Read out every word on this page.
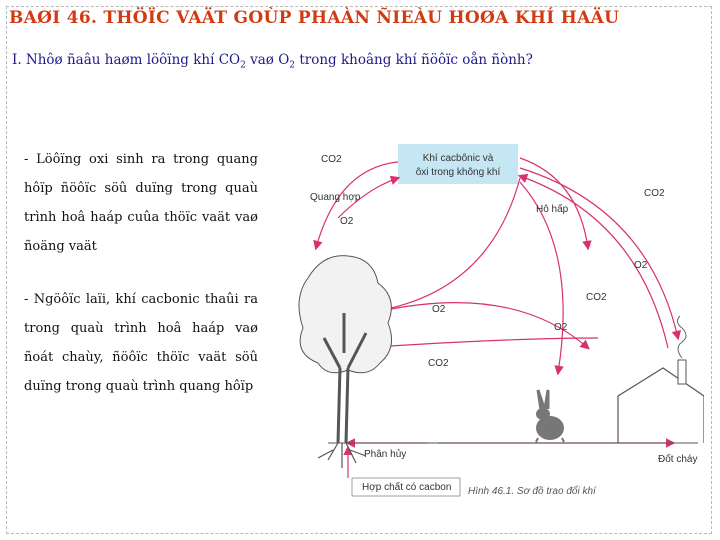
BAØI 46. THÖÏC VAÄT GOÙP PHAÀN ÑIEÀU HOØA KHÍ HAÄU
I. Nhôø ñaâu haøm löôïng khí $CO_2$ vaø $O_2$ trong khoâng khí ñöôïc oån ñònh?
- Löôïng oxi sinh ra trong quang hôïp ñöôïc söû duïng trong quaù trình hoâ haáp cuûa thöïc vaät vaø ñoäng vaät
- Ngöôïc laïi, khí cacbonic thaûi ra trong quaù trình hoâ haáp vaø ñoát chaùy, ñöôïc thöïc vaät söû duïng trong quaù trình quang hôïp
Khí cacbônic và
ôxi trong không khí
CO2
Quang hợp
O2
Hô hấp
CO2
O2
CO2
O2
O2
CO2
Phân hủy	Đốt cháy
Hợp chất có cacbon Hình 46.1. Sơ đồ trao đổi khí
